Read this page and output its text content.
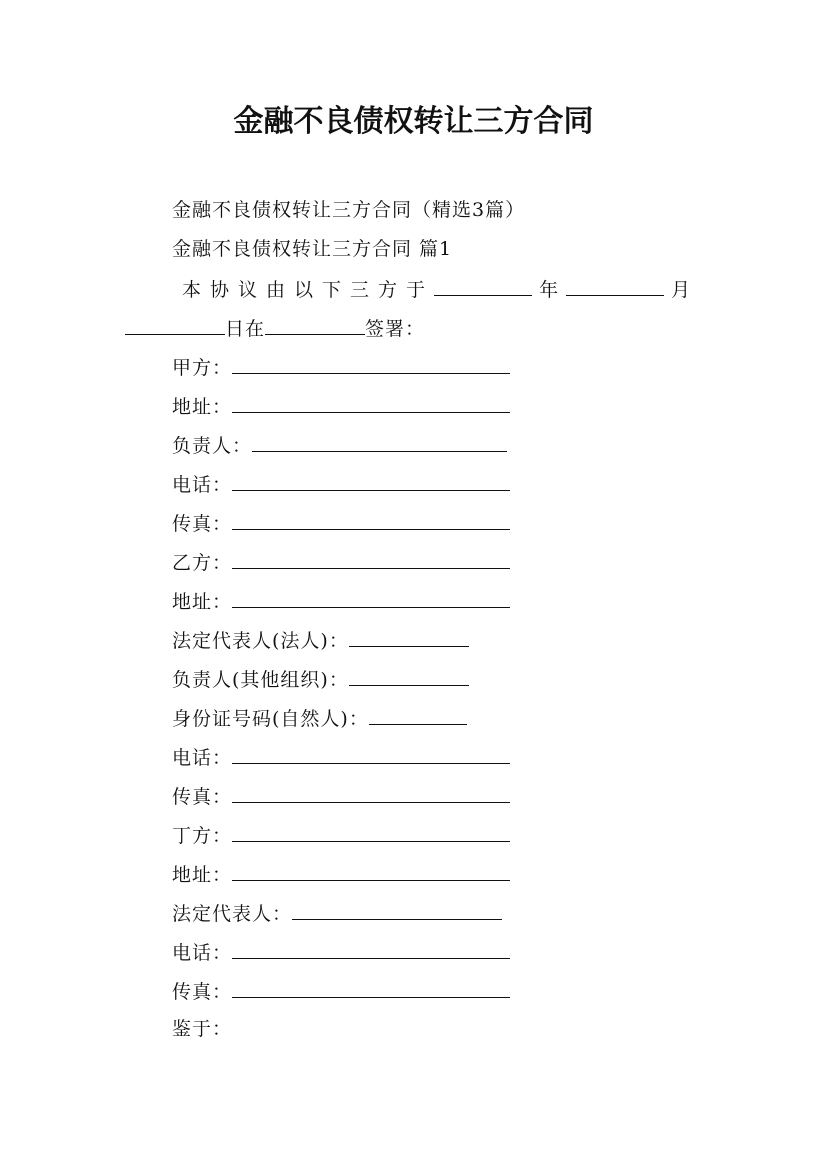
金融不良债权转让三方合同
金融不良债权转让三方合同（精选3篇）
金融不良债权转让三方合同 篇1
本协议由以下三方于	年	月
日在	签署：
甲方：
地址：
负责人：
电话：
传真：
乙方：
地址：
法定代表人(法人)：
负责人(其他组织)：
身份证号码(自然人)：
电话：
传真：
丁方：
地址：
法定代表人：
电话：
传真：
鉴于：
